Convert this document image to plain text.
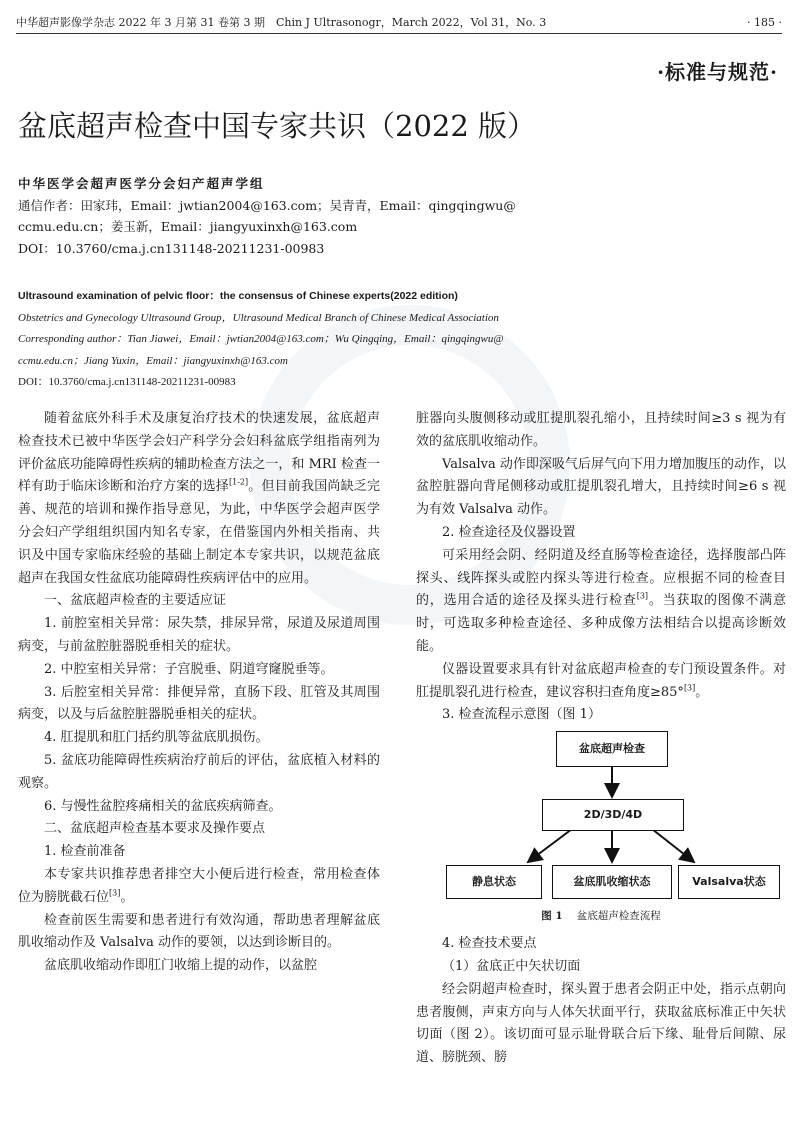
中华超声影像学杂志 2022 年 3 月第 31 卷第 3 期　Chin J Ultrasonogr，March 2022，Vol 31，No. 3	· 185 ·
·标准与规范·
盆底超声检查中国专家共识（2022 版）
中华医学会超声医学分会妇产超声学组
通信作者：田家玮，Email：jwtian2004@163.com；吴青青，Email：qingqingwu@
ccmu.edu.cn；姜玉新，Email：jiangyuxinxh@163.com
DOI：10.3760/cma.j.cn131148-20211231-00983
Ultrasound examination of pelvic floor：the consensus of Chinese experts(2022 edition)
Obstetrics and Gynecology Ultrasound Group，Ultrasound Medical Branch of Chinese Medical Association
Corresponding author：Tian Jiawei，Email：jwtian2004@163.com；Wu Qingqing，Email：qingqingwu@
ccmu.edu.cn；Jiang Yuxin，Email：jiangyuxinxh@163.com
DOI：10.3760/cma.j.cn131148-20211231-00983

随着盆底外科手术及康复治疗技术的快速发展，盆底超声检查技术已被中华医学会妇产科学分会妇科盆底学组指南列为评价盆底功能障碍性疾病的辅助检查方法之一，和 MRI 检查一样有助于临床诊断和治疗方案的选择[1-2]。但目前我国尚缺乏完善、规范的培训和操作指导意见，为此，中华医学会超声医学分会妇产学组组织国内知名专家，在借鉴国内外相关指南、共识及中国专家临床经验的基础上制定本专家共识，以规范盆底超声在我国女性盆底功能障碍性疾病评估中的应用。

一、盆底超声检查的主要适应证

1. 前腔室相关异常：尿失禁，排尿异常，尿道及尿道周围病变，与前盆腔脏器脱垂相关的症状。

2. 中腔室相关异常：子宫脱垂、阴道穹窿脱垂等。

3. 后腔室相关异常：排便异常，直肠下段、肛管及其周围病变，以及与后盆腔脏器脱垂相关的症状。

4. 肛提肌和肛门括约肌等盆底肌损伤。

5. 盆底功能障碍性疾病治疗前后的评估，盆底植入材料的观察。

6. 与慢性盆腔疼痛相关的盆底疾病筛查。

二、盆底超声检查基本要求及操作要点

1. 检查前准备

本专家共识推荐患者排空大小便后进行检查，常用检查体位为膀胱截石位[3]。

检查前医生需要和患者进行有效沟通，帮助患者理解盆底肌收缩动作及 Valsalva 动作的要领，以达到诊断目的。

盆底肌收缩动作即肛门收缩上提的动作，以盆腔

脏器向头腹侧移动或肛提肌裂孔缩小，且持续时间≥3 s 视为有效的盆底肌收缩动作。

Valsalva 动作即深吸气后屏气向下用力增加腹压的动作，以盆腔脏器向背尾侧移动或肛提肌裂孔增大，且持续时间≥6 s 视为有效 Valsalva 动作。

2. 检查途径及仪器设置

可采用经会阴、经阴道及经直肠等检查途径，选择腹部凸阵探头、线阵探头或腔内探头等进行检查。应根据不同的检查目的，选用合适的途径及探头进行检查[3]。当获取的图像不满意时，可选取多种检查途径、多种成像方法相结合以提高诊断效能。

仪器设置要求具有针对盆底超声检查的专门预设置条件。对肛提肌裂孔进行检查，建议容积扫查角度≥85°[3]。

3. 检查流程示意图（图 1）

盆底超声检查
2D/3D/4D
静息状态	盆底肌收缩状态	Valsalva状态
图 1 盆底超声检查流程

4. 检查技术要点

（1）盆底正中矢状切面

经会阴超声检查时，探头置于患者会阴正中处，指示点朝向患者腹侧，声束方向与人体矢状面平行，获取盆底标准正中矢状切面（图 2）。该切面可显示耻骨联合后下缘、耻骨后间隙、尿道、膀胱颈、膀
